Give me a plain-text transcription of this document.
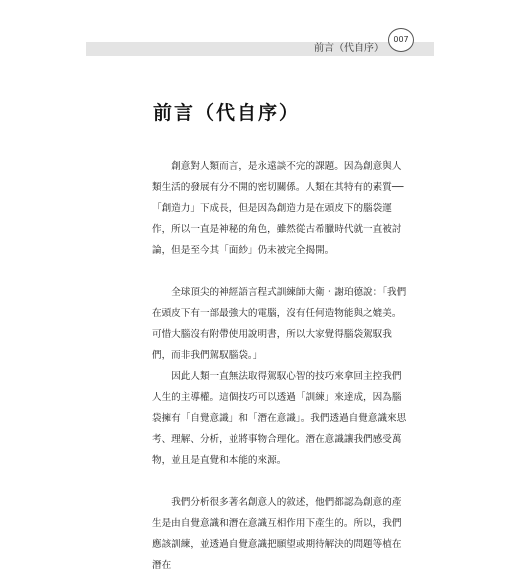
前言（代自序）
007
前言（代自序）

創意對人類而言，是永遠談不完的課題。因為創意與人類生活的發展有分不開的密切關係。人類在其特有的素質──「創造力」下成長，但是因為創造力是在頭皮下的腦袋運作，所以一直是神秘的角色，雖然從古希臘時代就一直被討論，但是至今其「面紗」仍未被完全揭開。

全球頂尖的神經語言程式訓練師大衛‧謝珀德說：「我們在頭皮下有一部最強大的電腦，沒有任何造物能與之媲美。可惜大腦沒有附帶使用說明書，所以大家覺得腦袋駕馭我們，而非我們駕馭腦袋。」

因此人類一直無法取得駕馭心智的技巧來拿回主控我們人生的主導權。這個技巧可以透過「訓練」來達成，因為腦袋擁有「自覺意識」和「潛在意識」。我們透過自覺意識來思考、理解、分析，並將事物合理化。潛在意識讓我們感受萬物，並且是直覺和本能的來源。

我們分析很多著名創意人的敘述，他們都認為創意的產生是由自覺意識和潛在意識互相作用下產生的。所以，我們應該訓練，並透過自覺意識把願望或期待解決的問題等植在潛在
